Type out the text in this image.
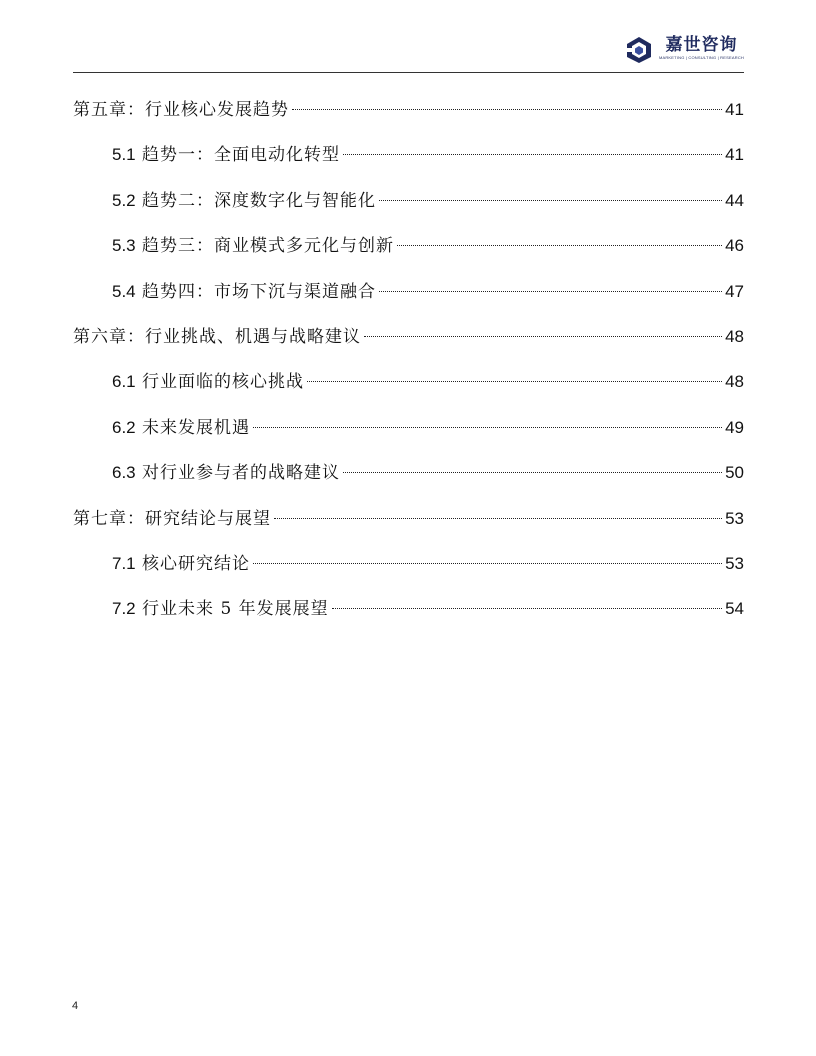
嘉世咨询
MARKETING | CONSULTING | RESEARCH
第五章：行业核心发展趋势	41
5.1 趋势一：全面电动化转型	41
5.2 趋势二：深度数字化与智能化	44
5.3 趋势三：商业模式多元化与创新	46
5.4 趋势四：市场下沉与渠道融合	47
第六章：行业挑战、机遇与战略建议	48
6.1 行业面临的核心挑战	48
6.2 未来发展机遇	49
6.3 对行业参与者的战略建议	50
第七章：研究结论与展望	53
7.1 核心研究结论	53
7.2 行业未来 5 年发展展望	54
4
